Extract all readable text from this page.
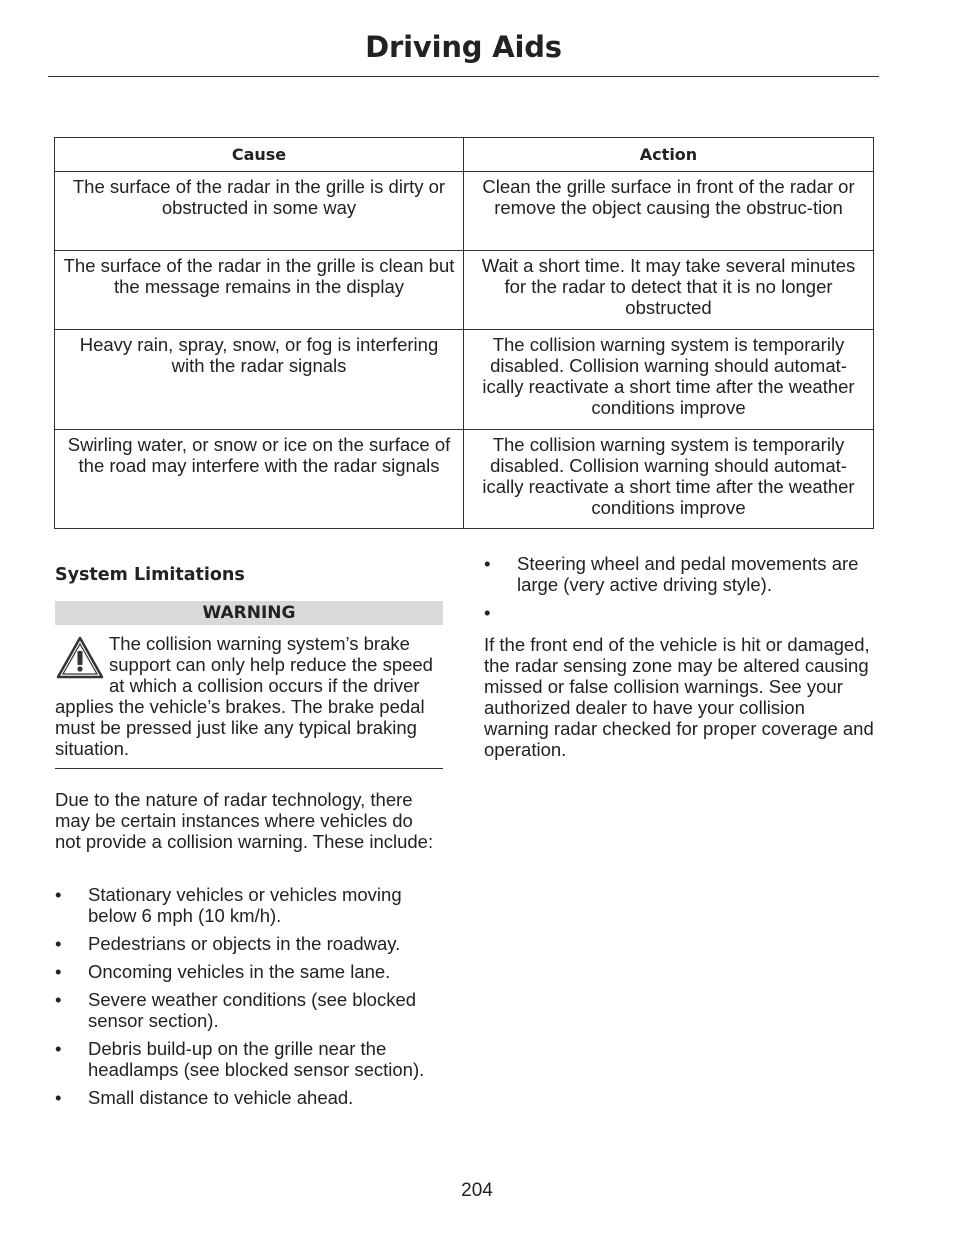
Driving Aids
Cause	Action
The surface of the radar in the grille is dirty or obstructed in some way	Clean the grille surface in front of the radar or remove the object causing the obstruc-tion
The surface of the radar in the grille is clean but the message remains in the display	Wait a short time. It may take several minutes for the radar to detect that it is no longer obstructed
Heavy rain, spray, snow, or fog is interfering with the radar signals	The collision warning system is temporarily disabled. Collision warning should automat-ically reactivate a short time after the weather conditions improve
Swirling water, or snow or ice on the surface of the road may interfere with the radar signals	The collision warning system is temporarily disabled. Collision warning should automat-ically reactivate a short time after the weather conditions improve
System Limitations
WARNING

The collision warning system’s brake support can only help reduce the speed at which a collision occurs if the driver applies the vehicle’s brakes. The brake pedal must be pressed just like any typical braking situation.

Due to the nature of radar technology, there may be certain instances where vehicles do not provide a collision warning. These include:

• Stationary vehicles or vehicles moving below 6 mph (10 km/h).
• Pedestrians or objects in the roadway.
• Oncoming vehicles in the same lane.
• Severe weather conditions (see blocked sensor section).
• Debris build-up on the grille near the headlamps (see blocked sensor section).
• Small distance to vehicle ahead.
• Steering wheel and pedal movements are large (very active driving style).
•

If the front end of the vehicle is hit or damaged, the radar sensing zone may be altered causing missed or false collision warnings. See your authorized dealer to have your collision warning radar checked for proper coverage and operation.

204
